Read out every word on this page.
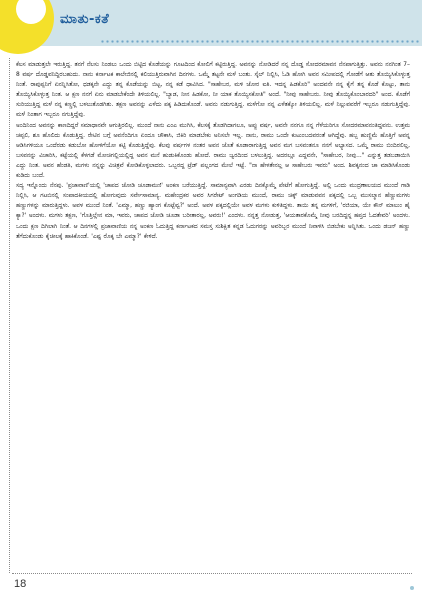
ಮಾತು-ಕತೆ

ಕೆಲಸ ಮಾಡುತ್ತಲೇ ಇರುತ್ತಿದ್ದ. ತನಗೆ ನೆಲಸು ನಿಂಡಲು ಒಂದು ಬಿಟ್ಟಿದ ಕೊಡೆಯನ್ನು ಗೂಟದಿಂದ ಕೋಲಿಗೆ ಕಟ್ಟಿರುತ್ತಿದ್ದ. ಅವನನ್ನು ನೋಡಿದರೆ ನನ್ನ ದೊಡ್ಡ ಸೋದರಮಾವನ ನೆನಪಾಗುತ್ತಿತ್ತು. ಅವನು ನನಗಿಂತ 7–8 ವರ್ಷ ದೊಡ್ಡವನಿದ್ದಿರಬಹುದು. ನಾನು ಕರ್ನಾಟಕ ಕಾಲೇಜಿನಲ್ಲಿ ಕಲಿಯುತ್ತಿರುವಾಗಿನ ದಿನಗಳು. ಒಮ್ಮೆ ತಟ್ಟನೇ ಮಳೆ ಬಂತು. ಸ್ಕೆಲ್ ನಿಲ್ಲಿಸಿ, ಓಡಿ ಹೋಗಿ ಅವನ ಸಮೀಪದಲ್ಲಿ ಗೋಡೆಗೆ ಆತು ತೊಯ್ಯಿಸಿಕೊಳ್ಳುತ್ತ ನಿಂತೆ. ರಾಪುಪ್ಪನಿಗೆ ಏನನ್ನಿಸಿತೋ, ಧಡಕ್ಕನೇ ಎದ್ದು ತನ್ನ ಕೊಡೆಯನ್ನು ಬಿಟ್ಟ, ನನ್ನ ಕಡೆ ಧಾವಿಸಿದ. "ಸಾಹೇಬರ, ಮಳಿ ಜೋರ ಐತಿ. ಇದನ್ನ ಹಿಡಕೊರಿ" ಅಂದವನೇ ನನ್ನ ಕೈಗೆ ತನ್ನ ಕೊಡೆ ಕೊಟ್ಟು, ತಾನು ತೊಯ್ಯಿಸಿಕೊಳ್ಳುತ್ತ ನಿಂತ. ಆ ಕ್ಷಣ ನನಗೆ ಏನು ಮಾಡಬೇಕೆಂದೇ ತಿಳಿಯಲಿಲ್ಲ. "ಬ್ಯಾಡ, ನೀನ ಹಿಡಕೋ, ನೀ ಯಾಕ ತೊಯ್ಯಿಸಕೋತಿ" ಅಂದೆ. "ನೀವು ಸಾಹೇಬರು. ನೀವು ತೊಯ್ಯಿಕೊಂಬಾರದರಿ" ಅಂದ. ಕೊಡೆಗೆ ಸುರಿಯುತ್ತಿದ್ದ ಮಳೆ ನನ್ನ ಕಣ್ಣಲ್ಲಿ ಬಳಲುತೊಡಗಿತು. ತಕ್ಷಣ ಅವನನ್ನು ಎಳೆದು ಪಕ್ಕ ಹಿಡಿದುಕೊಂಡೆ. ಅವನು ನಡುಗುತ್ತಿದ್ದ. ಮಳೆಗೋ ನನ್ನ ಎಳೆತಕ್ಕೋ ತಿಳಿಯಲಿಲ್ಲ. ಮಳೆ ನಿಲ್ಲುವವರೆಗೆ ಇಬ್ಬರೂ ನಡುಗುತ್ತಿದ್ದೆವು. ಮಳೆ ನಿಂತಾಗ ಇಬ್ಬರೂ ನಗುತ್ತಿದ್ದೆವು.

ಅಂದಿನಿಂದ ಅವನನ್ನು ಕಾಣದಿದ್ದರೆ ಸಮಾಧಾನವೇ ಆಗುತ್ತಿರಲಿಲ್ಲ. ಮುಂದೆ ನಾನು ಎಂಎ ಮುಗಿಸಿ, ಕೆಲಸಕ್ಕೆ ತೊಡಗಿದಾಗಲೂ, ಅಪ್ಪು ವರ್ಷ, ಅವನೇ ನನಗೂ ನನ್ನ ಗೆಳೆಯರಿಗೂ ಸೋದರಮಾವನಂತಿದ್ದವನು. ಉತ್ತಮ ಚಪ್ಪಲಿ, ಶೂ ಹೊಲಿದು ಕೊಡುತ್ತಿದ್ದ. ರೇಟಿನ ಬಗ್ಗೆ ಅವನೆಂದಿಗೂ ಏಂದೂ ಚೌಕಾಸಿ, ಜಿಕಿರಿ ಮಾಡಬೇಕು ಅನಿಸಲೇ ಇಲ್ಲ. ನಾನು, ರಾಮು ಒಂದೇ ಕುಟುಂಬದವರಂತೆ ಆಗಿದ್ದೆವು. ಹಬ್ಬ ಹುಣ್ಣಿಮೆ ಹೊತ್ತಿಗೆ ಅವನ್ನ ಆಡಿಸಿಗಳಿಯೂ ಒಂದೆರಡು ಕಡುಬೋ ಹೋಳಿಗೆಯೋ ಕಟ್ಟಿ ಕೊಡುತ್ತಿದ್ದೆವು. ಕೆಲವು ವರ್ಷಗಳ ನಂತರ ಅವನ ಜೊತೆ ಕೂಡಾರಾಗುತ್ತಿದ್ದ ಅವನ ಮಗ ಬಸವಂತನೂ ನನಗೆ ಅಭ್ಯಾಸದ. ಒಮ್ಮೆ ರಾಮು ಬಿಂದಿರಲಿಲ್ಲ, ಬಸವನನ್ನು ವಿಚಾರಿಸಿ, ಕಟ್ಟೆಯಲ್ಲಿ ಕೆಳಗಡೆ ಮೋಚಿಗಲ್ಲಿಯಲ್ಲಿದ್ದ ಅವನ ಮನೆ ಹುಡುಕಿಕೊಂಡು ಹೋದೆ. ರಾಮು ಜ್ವರದಿಂದ ಬಳಲುತ್ತಿದ್ದ. ಅದರಲ್ಲೂ ಎದ್ದವನೇ, "ಸಾಹೇಬರ, ನೀವು..." ಎನ್ನುತ್ತ ತಡಬಡಾಯಿಸಿ ಎದ್ದು ನಿಂತ. ಅವನ ಹೆಂಡತಿ, ಮಗಳು ನನ್ನನ್ನು ವಿಚಿತ್ರವೆ ಕೋಡಿಕೊಳ್ಳಲಾದರು. ಒಬ್ಬರದ್ದ ಟ್ರೆಡ್ ಪಲ್ಲಂಗದ ಮೇಲೆ ಇಟ್ಟೆ. "ನಾ ಹೇಳತೇನಲ್ಲ ಆ ಸಾಹೇಬರು ಇವರು" ಅಂದ. ಶಿವಕ್ಕನಂದ ಚಾ ಮಾಡಿಸಿಕೊಂಡು ಕುಡಿದು ಬಂದೆ.

ಸದ್ಯ ಇನ್ನೊಂದು ನೆನಪು. 'ಪ್ರಜಾವಾಣಿ'ಯಲ್ಲಿ 'ಚಾಪದ ಜೋಡಿ ಚೂಡಾಮಣಿ' ಅಂಕಣ ಬರೆಯುತ್ತಿದ್ದೆ. ಸಾಮಾನ್ಯವಾಗಿ ಎರಡು ದಿನಕ್ಕೊಮ್ಮೆ ಪೇಟೆಗೆ ಹೋಗುತ್ತಿದ್ದೆ. ಅಲ್ಲಿ ಒಂದು ಮುದ್ರಣಾಲಯದ ಮುಂದೆ ಗಾಡಿ ನಿಲ್ಲಿಸಿ, ಆ ಗಟಬಿನಲ್ಲಿ ಸಂಪಾದಕೀಯದಲ್ಲಿ ಹೋಗುವುದು ಸರ್ವೇಸಾಮಾನ್ಯ. ಮಹೇಂದ್ರಕರ ಅವರ ಸಿಗರೇಟ್ ಅಂಗಡಿಯ ಮುಂದೆ, ರಾಮು ಚಿಕ್ಕ್ ಮಾಡುವವನ ಪಕ್ಕದಲ್ಲಿ ಒಬ್ಬ ಮುಸಲ್ಮಾನ ಹೆಣ್ಣುಮಗಳು ಹಣ್ಣುಗಳನ್ನು ಮಾರುತ್ತಿದ್ದಳು. ಅವಳ ಮುಂದೆ ನಿಂತೆ. 'ಎಮ್ಮಾ, ಹಣ್ಣು ಹ್ಯಾಂಗ ಕೊಟ್ಟೆವ್ವ?' ಅಂದೆ. ಅವಳ ಪಕ್ಕದಲ್ಲಿಯೇ ಅವಳ ಮಗಳು ಕುಳಿತಿದ್ದಳು. ತಾಯಿ ತನ್ನ ಮಗಳಿಗೆ, 'ರಜಿಯಾ, ಯೇ ಕೌನ್ ಮಾಲುಂ ಹೈ ಕ್ಯಾ?' ಅಂದಳು. ಮಗಳು ತಕ್ಷಣ, 'ಗೊತ್ತಿಲ್ಲೇನ ಮಾ, ಇವರು, ಚಾಪದ ಜೋಡಿ ಚೂಡಾ ಬರೀತಾರಲ್ಲ, ಅವರು!' ಎಂದಳು. ನನ್ನತ್ತ ನೋಡುತ್ತ, 'ಆಯತಾರಕೊಮ್ಮೆ ನೀವು ಬರದಿದ್ದನ್ನ ಹಪ್ತದ ಓದತೇವರಿ' ಅಂದಳು. ಒಂದು ಕ್ಷಣ ದಿಗಿಲಾಗಿ ನಿಂತೆ. ಆ ದಿನಗಳಲ್ಲಿ ಪ್ರಜಾವಾಣಿಯ ನನ್ನ ಅಂಕಣ ಓದುತ್ತಿದ್ದ ಕರ್ನಾಟಕದ ಸಮಸ್ತ ಸುಶಿಕ್ಷಿತ ಕನ್ನಡ ಓದುಗರನ್ನು ಅವರಿಬ್ಬರ ಮುಂದೆ ನಿವಾಳಿಸಿ ಬಿಡಬೇಕು ಅನ್ನಿಸಿತು. ಒಂದು ಡಜನ್ ಹಣ್ಣು ತೆಗೆದುಕೊಂಡು ಕೈಚೀಲಕ್ಕೆ ಹಾಕಿಕೊಂಡೆ. 'ಎಷ್ಟ ರೊಕ್ಕ ಬೇ ಎಮ್ಮಾ?' ಕೇಳಿದೆ.

18
